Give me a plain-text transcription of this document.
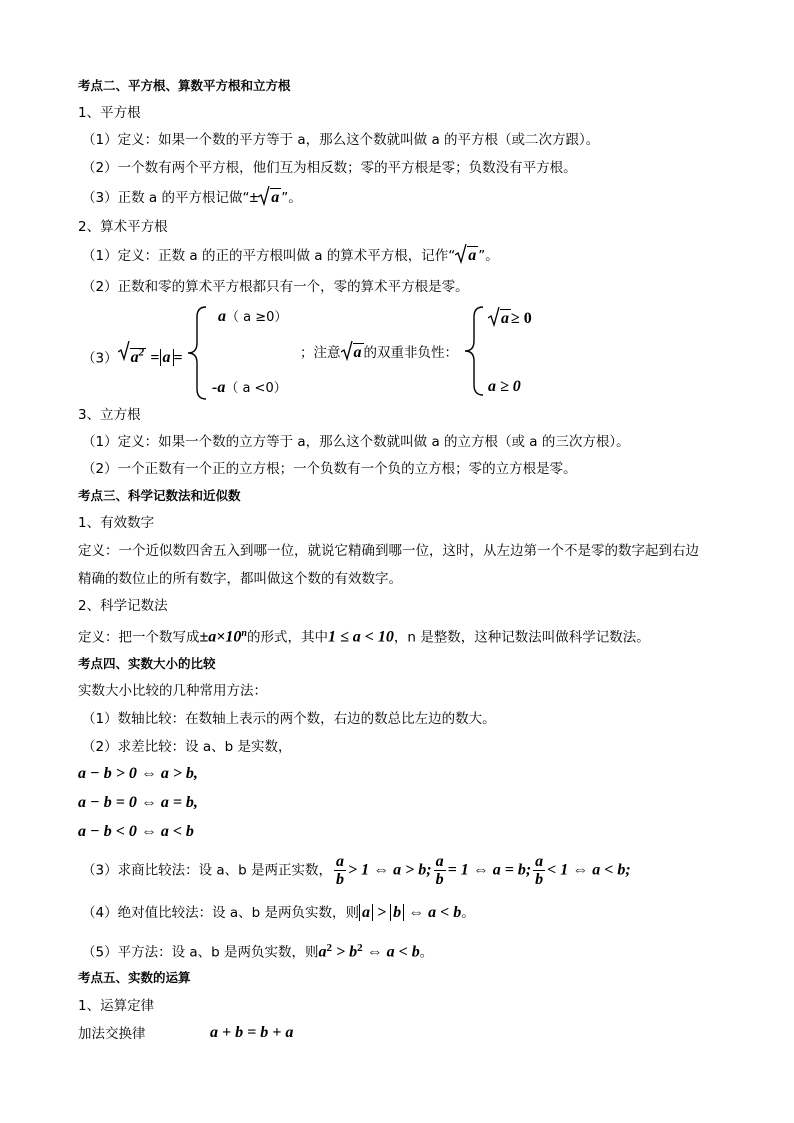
考点二、平方根、算数平方根和立方根
1、平方根
（1）定义：如果一个数的平方等于 a，那么这个数就叫做 a 的平方根（或二次方跟）。
（2）一个数有两个平方根，他们互为相反数；零的平方根是零；负数没有平方根。
（3）正数 a 的平方根记做“± a ”。
2、算术平方根
（1）定义：正数 a 的正的平方根叫做 a 的算术平方根，记作“ a ”。
（2）正数和零的算术平方根都只有一个，零的算术平方根是零。
（3） $a^2 = a$ =
a（ a ≥0）
-a（ a <0）
；注意 a 的双重非负性：
a ≥ 0
a ≥ 0
3、立方根
（1）定义：如果一个数的立方等于 a，那么这个数就叫做 a 的立方根（或 a 的三次方根）。
（2）一个正数有一个正的立方根；一个负数有一个负的立方根；零的立方根是零。
考点三、科学记数法和近似数
1、有效数字
定义：一个近似数四舍五入到哪一位，就说它精确到哪一位，这时，从左边第一个不是零的数字起到右边
精确的数位止的所有数字，都叫做这个数的有效数字。
2、科学记数法
定义：把一个数写成$\pm a\times 10^n$的形式，其中1 ≤ a < 10，n 是整数，这种记数法叫做科学记数法。
考点四、实数大小的比较
实数大小比较的几种常用方法：
（1）数轴比较：在数轴上表示的两个数，右边的数总比左边的数大。
（2）求差比较：设 a、b 是实数，
a − b > 0 ⇔ a > b,
a − b = 0 ⇔ a = b,
a − b < 0 ⇔ a < b
（3）求商比较法：设 a、b 是两正实数， $\frac{a}{b} > 1$ ⇔ a > b; $\frac{a}{b} = 1$ ⇔ a = b; $\frac{a}{b} < 1$ ⇔ a < b;
（4）绝对值比较法：设 a、b 是两负实数，则 a > b ⇔ a < b。
（5）平方法：设 a、b 是两负实数，则$a^2 > b^2$ ⇔ a < b。
考点五、实数的运算
1、运算定律
加法交换律	a + b = b + a
